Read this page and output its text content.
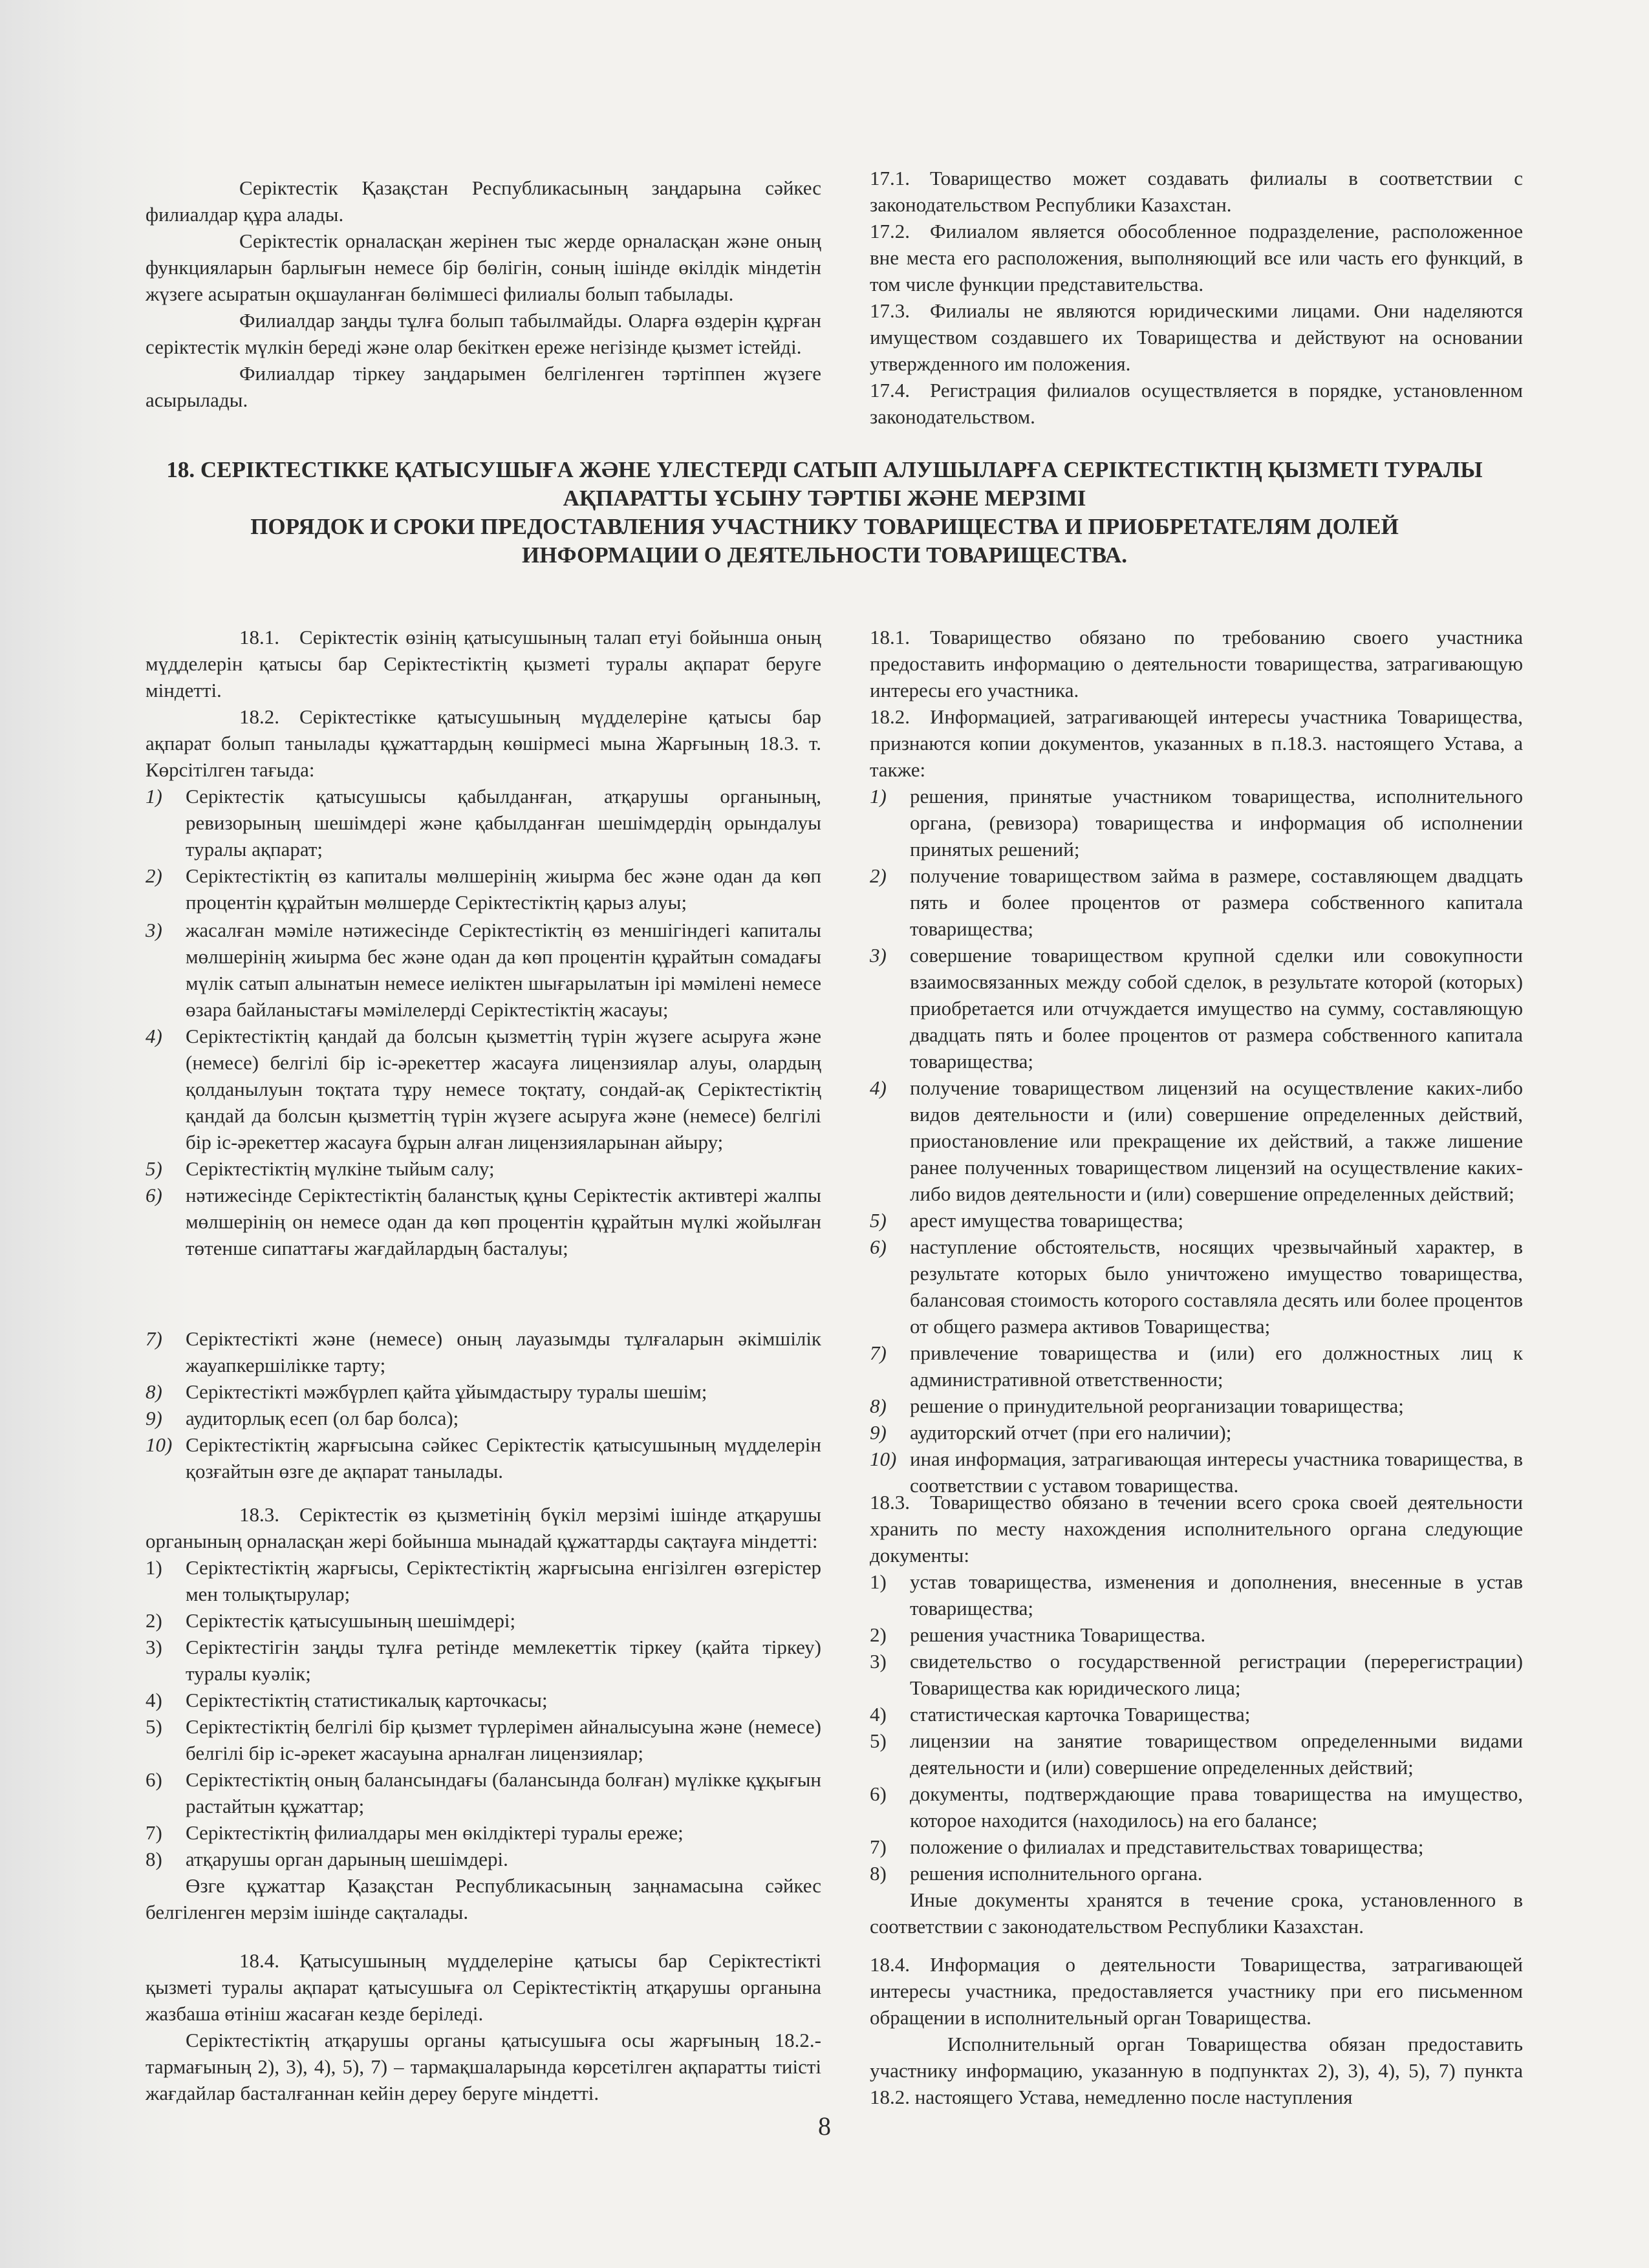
Серіктестік Қазақстан Республикасының заңдарына сәйкес филиалдар құра алады.

Серіктестік орналасқан жерінен тыс жерде орналасқан және оның функцияларын барлығын немесе бір бөлігін, соның ішінде өкілдік міндетін жүзеге асыратын оқшауланған бөлімшесі филиалы болып табылады.

Филиалдар заңды тұлға болып табылмайды. Оларға өздерін құрған серіктестік мүлкін береді және олар бекіткен ереже негізінде қызмет істейді.

Филиалдар тіркеу заңдарымен белгіленген тәртіппен жүзеге асырылады.

17.1. Товарищество может создавать филиалы в соответствии с законодательством Республики Казахстан.

17.2. Филиалом является обособленное подразделение, расположенное вне места его расположения, выполняющий все или часть его функций, в том числе функции представительства.

17.3. Филиалы не являются юридическими лицами. Они наделяются имуществом создавшего их Товарищества и действуют на основании утвержденного им положения.

17.4. Регистрация филиалов осуществляется в порядке, установленном законодательством.

18. СЕРІКТЕСТІККЕ ҚАТЫСУШЫҒА ЖӘНЕ ҮЛЕСТЕРДІ САТЫП АЛУШЫЛАРҒА СЕРІКТЕСТІКТІҢ ҚЫЗМЕТІ ТУРАЛЫ
АҚПАРАТТЫ ҰСЫНУ ТӘРТІБІ ЖӘНЕ МЕРЗІМІ
ПОРЯДОК И СРОКИ ПРЕДОСТАВЛЕНИЯ УЧАСТНИКУ ТОВАРИЩЕСТВА И ПРИОБРЕТАТЕЛЯМ ДОЛЕЙ
ИНФОРМАЦИИ О ДЕЯТЕЛЬНОСТИ ТОВАРИЩЕСТВА.

18.1. Серіктестік өзінің қатысушының талап етуі бойынша оның мүдделерін қатысы бар Серіктестіктің қызметі туралы ақпарат беруге міндетті.

18.2. Серіктестікке қатысушының мүдделеріне қатысы бар ақпарат болып танылады құжаттардың көшірмесі мына Жарғының 18.3. т. Көрсітілген тағыда:

1) Серіктестік қатысушысы қабылданған, атқарушы органының, ревизорының шешімдері және қабылданған шешімдердің орындалуы туралы ақпарат;
2) Серіктестіктің өз капиталы мөлшерінің жиырма бес және одан да көп процентін құрайтын мөлшерде Серіктестіктің қарыз алуы;
3) жасалған мәміле нәтижесінде Серіктестіктің өз меншігіндегі капиталы мөлшерінің жиырма бес және одан да көп процентін құрайтын сомадағы мүлік сатып алынатын немесе иеліктен шығарылатын ірі мәмілені немесе өзара байланыстағы мәмілелерді Серіктестіктің жасауы;
4) Серіктестіктің қандай да болсын қызметтің түрін жүзеге асыруға және (немесе) белгілі бір іс-әрекеттер жасауға лицензиялар алуы, олардың қолданылуын тоқтата тұру немесе тоқтату, сондай-ақ Серіктестіктің қандай да болсын қызметтің түрін жүзеге асыруға және (немесе) белгілі бір іс-әрекеттер жасауға бұрын алған лицензияларынан айыру;
5) Серіктестіктің мүлкіне тыйым салу;
6) нәтижесінде Серіктестіктің баланстық құны Серіктестік активтері жалпы мөлшерінің он немесе одан да көп процентін құрайтын мүлкі жойылған төтенше сипаттағы жағдайлардың басталуы;
7) Серіктестікті және (немесе) оның лауазымды тұлғаларын әкімшілік жауапкершілікке тарту;
8) Серіктестікті мәжбүрлеп қайта ұйымдастыру туралы шешім;
9) аудиторлық есеп (ол бар болса);
10) Серіктестіктің жарғысына сәйкес Серіктестік қатысушының мүдделерін қозғайтын өзге де ақпарат танылады.

18.3. Серіктестік өз қызметінің бүкіл мерзімі ішінде атқарушы органының орналасқан жері бойынша мынадай құжаттарды сақтауға міндетті:

1) Серіктестіктің жарғысы, Серіктестіктің жарғысына енгізілген өзгерістер мен толықтырулар;
2) Серіктестік қатысушының шешімдері;
3) Серіктестігін заңды тұлға ретінде мемлекеттік тіркеу (қайта тіркеу) туралы куәлік;
4) Серіктестіктің статистикалық карточкасы;
5) Серіктестіктің белгілі бір қызмет түрлерімен айналысуына және (немесе) белгілі бір іс-әрекет жасауына арналған лицензиялар;
6) Серіктестіктің оның балансындағы (балансында болған) мүлікке құқығын растайтын құжаттар;
7) Серіктестіктің филиалдары мен өкілдіктері туралы ереже;
8) атқарушы орган дарының шешімдері.

Өзге құжаттар Қазақстан Республикасының заңнамасына сәйкес белгіленген мерзім ішінде сақталады.

18.4. Қатысушының мүдделеріне қатысы бар Серіктестікті қызметі туралы ақпарат қатысушыға ол Серіктестіктің атқарушы органына жазбаша өтініш жасаған кезде беріледі.

Серіктестіктің атқарушы органы қатысушыға осы жарғының 18.2.- тармағының 2), 3), 4), 5), 7) – тармақшаларында көрсетілген ақпаратты тиісті жағдайлар басталғаннан кейін дереу беруге міндетті.

18.1. Товарищество обязано по требованию своего участника предоставить информацию о деятельности товарищества, затрагивающую интересы его участника.

18.2. Информацией, затрагивающей интересы участника Товарищества, признаются копии документов, указанных в п.18.3. настоящего Устава, а также:

1) решения, принятые участником товарищества, исполнительного органа, (ревизора) товарищества и информация об исполнении принятых решений;
2) получение товариществом займа в размере, составляющем двадцать пять и более процентов от размера собственного капитала товарищества;
3) совершение товариществом крупной сделки или совокупности взаимосвязанных между собой сделок, в результате которой (которых) приобретается или отчуждается имущество на сумму, составляющую двадцать пять и более процентов от размера собственного капитала товарищества;
4) получение товариществом лицензий на осуществление каких-либо видов деятельности и (или) совершение определенных действий, приостановление или прекращение их действий, а также лишение ранее полученных товариществом лицензий на осуществление каких-либо видов деятельности и (или) совершение определенных действий;
5) арест имущества товарищества;
6) наступление обстоятельств, носящих чрезвычайный характер, в результате которых было уничтожено имущество товарищества, балансовая стоимость которого составляла десять или более процентов от общего размера активов Товарищества;
7) привлечение товарищества и (или) его должностных лиц к административной ответственности;
8) решение о принудительной реорганизации товарищества;
9) аудиторский отчет (при его наличии);
10) иная информация, затрагивающая интересы участника товарищества, в соответствии с уставом товарищества.

18.3. Товарищество обязано в течении всего срока своей деятельности хранить по месту нахождения исполнительного органа следующие документы:

1) устав товарищества, изменения и дополнения, внесенные в устав товарищества;
2) решения участника Товарищества.
3) свидетельство о государственной регистрации (перерегистрации) Товарищества как юридического лица;
4) статистическая карточка Товарищества;
5) лицензии на занятие товариществом определенными видами деятельности и (или) совершение определенных действий;
6) документы, подтверждающие права товарищества на имущество, которое находится (находилось) на его балансе;
7) положение о филиалах и представительствах товарищества;
8) решения исполнительного органа.

Иные документы хранятся в течение срока, установленного в соответствии с законодательством Республики Казахстан.

18.4. Информация о деятельности Товарищества, затрагивающей интересы участника, предоставляется участнику при его письменном обращении в исполнительный орган Товарищества.

Исполнительный орган Товарищества обязан предоставить участнику информацию, указанную в подпунктах 2), 3), 4), 5), 7) пункта 18.2. настоящего Устава, немедленно после наступления

8
